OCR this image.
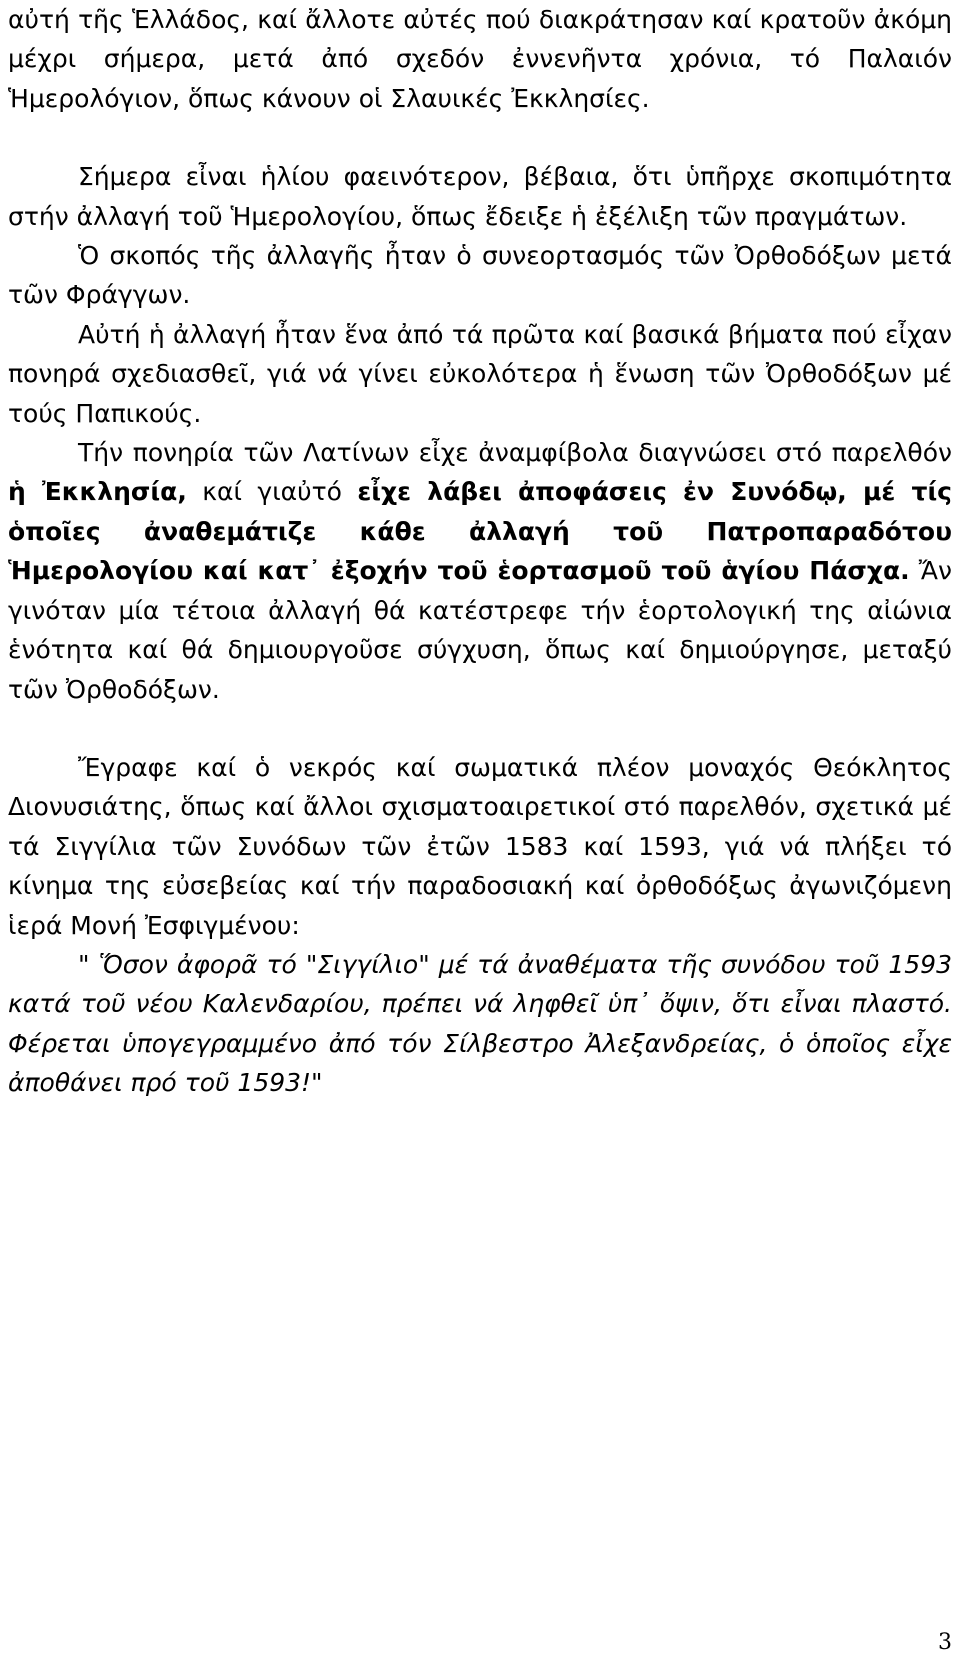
αὐτή τῆς Ἑλλάδος, καί ἄλλοτε αὐτές πού διακράτησαν καί κρατοῦν ἀκόμη μέχρι σήμερα, μετά ἀπό σχεδόν ἐννενῆντα χρόνια, τό Παλαιόν Ἡμερολόγιον, ὅπως κάνουν οἱ Σλαυικές Ἐκκλησίες.

Σήμερα εἶναι ἡλίου φαεινότερον, βέβαια, ὅτι ὑπῆρχε σκοπιμότητα στήν ἀλλαγή τοῦ Ἡμερολογίου, ὅπως ἔδειξε ἡ ἐξέλιξη τῶν πραγμάτων.

Ὁ σκοπός τῆς ἀλλαγῆς ἦταν ὁ συνεορτασμός τῶν Ὀρθοδόξων μετά τῶν Φράγγων.

Αὐτή ἡ ἀλλαγή ἦταν ἕνα ἀπό τά πρῶτα καί βασικά βήματα πού εἶχαν πονηρά σχεδιασθεῖ, γιά νά γίνει εὐκολότερα ἡ ἕνωση τῶν Ὀρθοδόξων μέ τούς Παπικούς.

Τήν πονηρία τῶν Λατίνων εἶχε ἀναμφίβολα διαγνώσει στό παρελθόν ἡ Ἐκκλησία, καί γιαὐτό εἶχε λάβει ἀποφάσεις ἐν Συνόδῳ, μέ τίς ὁποῖες ἀναθεμάτιζε κάθε ἀλλαγή τοῦ Πατροπαραδότου Ἡμερολογίου καί κατ᾿ ἐξοχήν τοῦ ἑορτασμοῦ τοῦ ἁγίου Πάσχα. Ἄν γινόταν μία τέτοια ἀλλαγή θά κατέστρεφε τήν ἑορτολογική της αἰώνια ἑνότητα καί θά δημιουργοῦσε σύγχυση, ὅπως καί δημιούργησε, μεταξύ τῶν Ὀρθοδόξων.

Ἔγραφε καί ὁ νεκρός καί σωματικά πλέον μοναχός Θεόκλητος Διονυσιάτης, ὅπως καί ἄλλοι σχισματοαιρετικοί στό παρελθόν, σχετικά μέ τά Σιγγίλια τῶν Συνόδων τῶν ἐτῶν 1583 καί 1593, γιά νά πλήξει τό κίνημα της εὐσεβείας καί τήν παραδοσιακή καί ὀρθοδόξως ἀγωνιζόμενη ἱερά Μονή Ἐσφιγμένου:

" Ὅσον ἀφορᾶ τό "Σιγγίλιο" μέ τά ἀναθέματα τῆς συνόδου τοῦ 1593 κατά τοῦ νέου Καλενδαρίου, πρέπει νά ληφθεῖ ὑπ᾿ ὄψιν, ὅτι εἶναι πλαστό. Φέρεται ὑπογεγραμμένο ἀπό τόν Σίλβεστρο Ἀλεξανδρείας, ὁ ὁποῖος εἶχε ἀποθάνει πρό τοῦ 1593!"

3
